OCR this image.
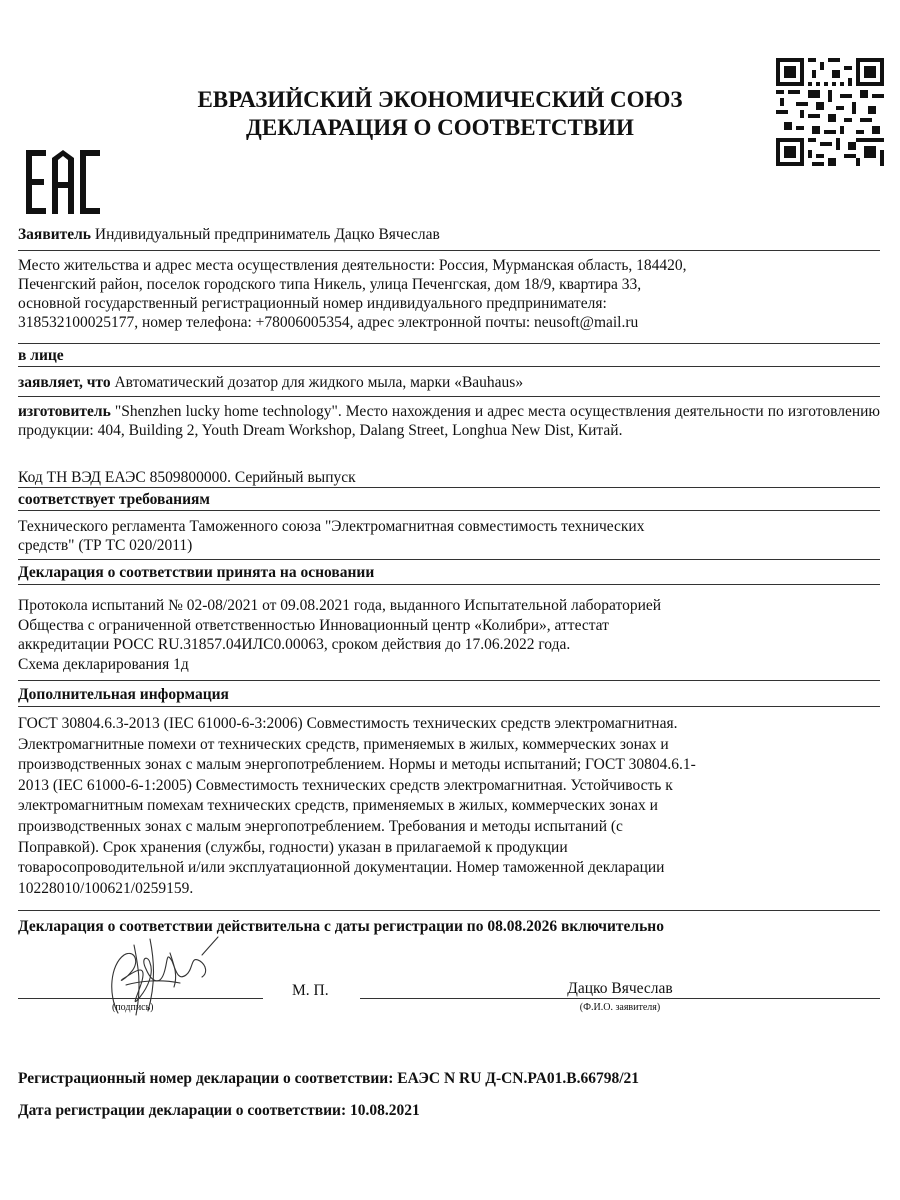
ЕВРАЗИЙСКИЙ ЭКОНОМИЧЕСКИЙ СОЮЗ
ДЕКЛАРАЦИЯ О СООТВЕТСТВИИ
Заявитель Индивидуальный предприниматель Дацко Вячеслав
Место жительства и адрес места осуществления деятельности: Россия, Мурманская область, 184420,
Печенгский район, поселок городского типа Никель, улица Печенгская, дом 18/9, квартира 33,
основной государственный регистрационный номер индивидуального предпринимателя:
318532100025177, номер телефона: +78006005354, адрес электронной почты: neusoft@mail.ru
в лице
заявляет, что Автоматический дозатор для жидкого мыла, марки «Bauhaus»
изготовитель "Shenzhen lucky home technology". Место нахождения и адрес места осуществления деятельности по изготовлению продукции: 404, Building 2, Youth Dream Workshop, Dalang Street, Longhua New Dist, Китай.
Код ТН ВЭД ЕАЭС 8509800000. Серийный выпуск
соответствует требованиям
Технического регламента Таможенного союза "Электромагнитная совместимость технических
средств" (ТР ТС 020/2011)
Декларация о соответствии принята на основании
Протокола испытаний № 02-08/2021 от 09.08.2021 года, выданного Испытательной лабораторией
Общества с ограниченной ответственностью Инновационный центр «Колибри», аттестат
аккредитации РОСС RU.31857.04ИЛС0.00063, сроком действия до 17.06.2022 года.
Схема декларирования 1д
Дополнительная информация
ГОСТ 30804.6.3-2013 (IEC 61000-6-3:2006) Совместимость технических средств электромагнитная.
Электромагнитные помехи от технических средств, применяемых в жилых, коммерческих зонах и
производственных зонах с малым энергопотреблением. Нормы и методы испытаний; ГОСТ 30804.6.1-
2013 (IEC 61000-6-1:2005) Совместимость технических средств электромагнитная. Устойчивость к
электромагнитным помехам технических средств, применяемых в жилых, коммерческих зонах и
производственных зонах с малым энергопотреблением. Требования и методы испытаний (с
Поправкой). Срок хранения (службы, годности) указан в прилагаемой к продукции
товаросопроводительной и/или эксплуатационной документации. Номер таможенной декларации
10228010/100621/0259159.
Декларация о соответствии действительна с даты регистрации по 08.08.2026 включительно
(подпись)
М. П.	Дацко Вячеслав
(Ф.И.О. заявителя)
Регистрационный номер декларации о соответствии: ЕАЭС N RU Д-CN.PA01.B.66798/21
Дата регистрации декларации о соответствии: 10.08.2021
